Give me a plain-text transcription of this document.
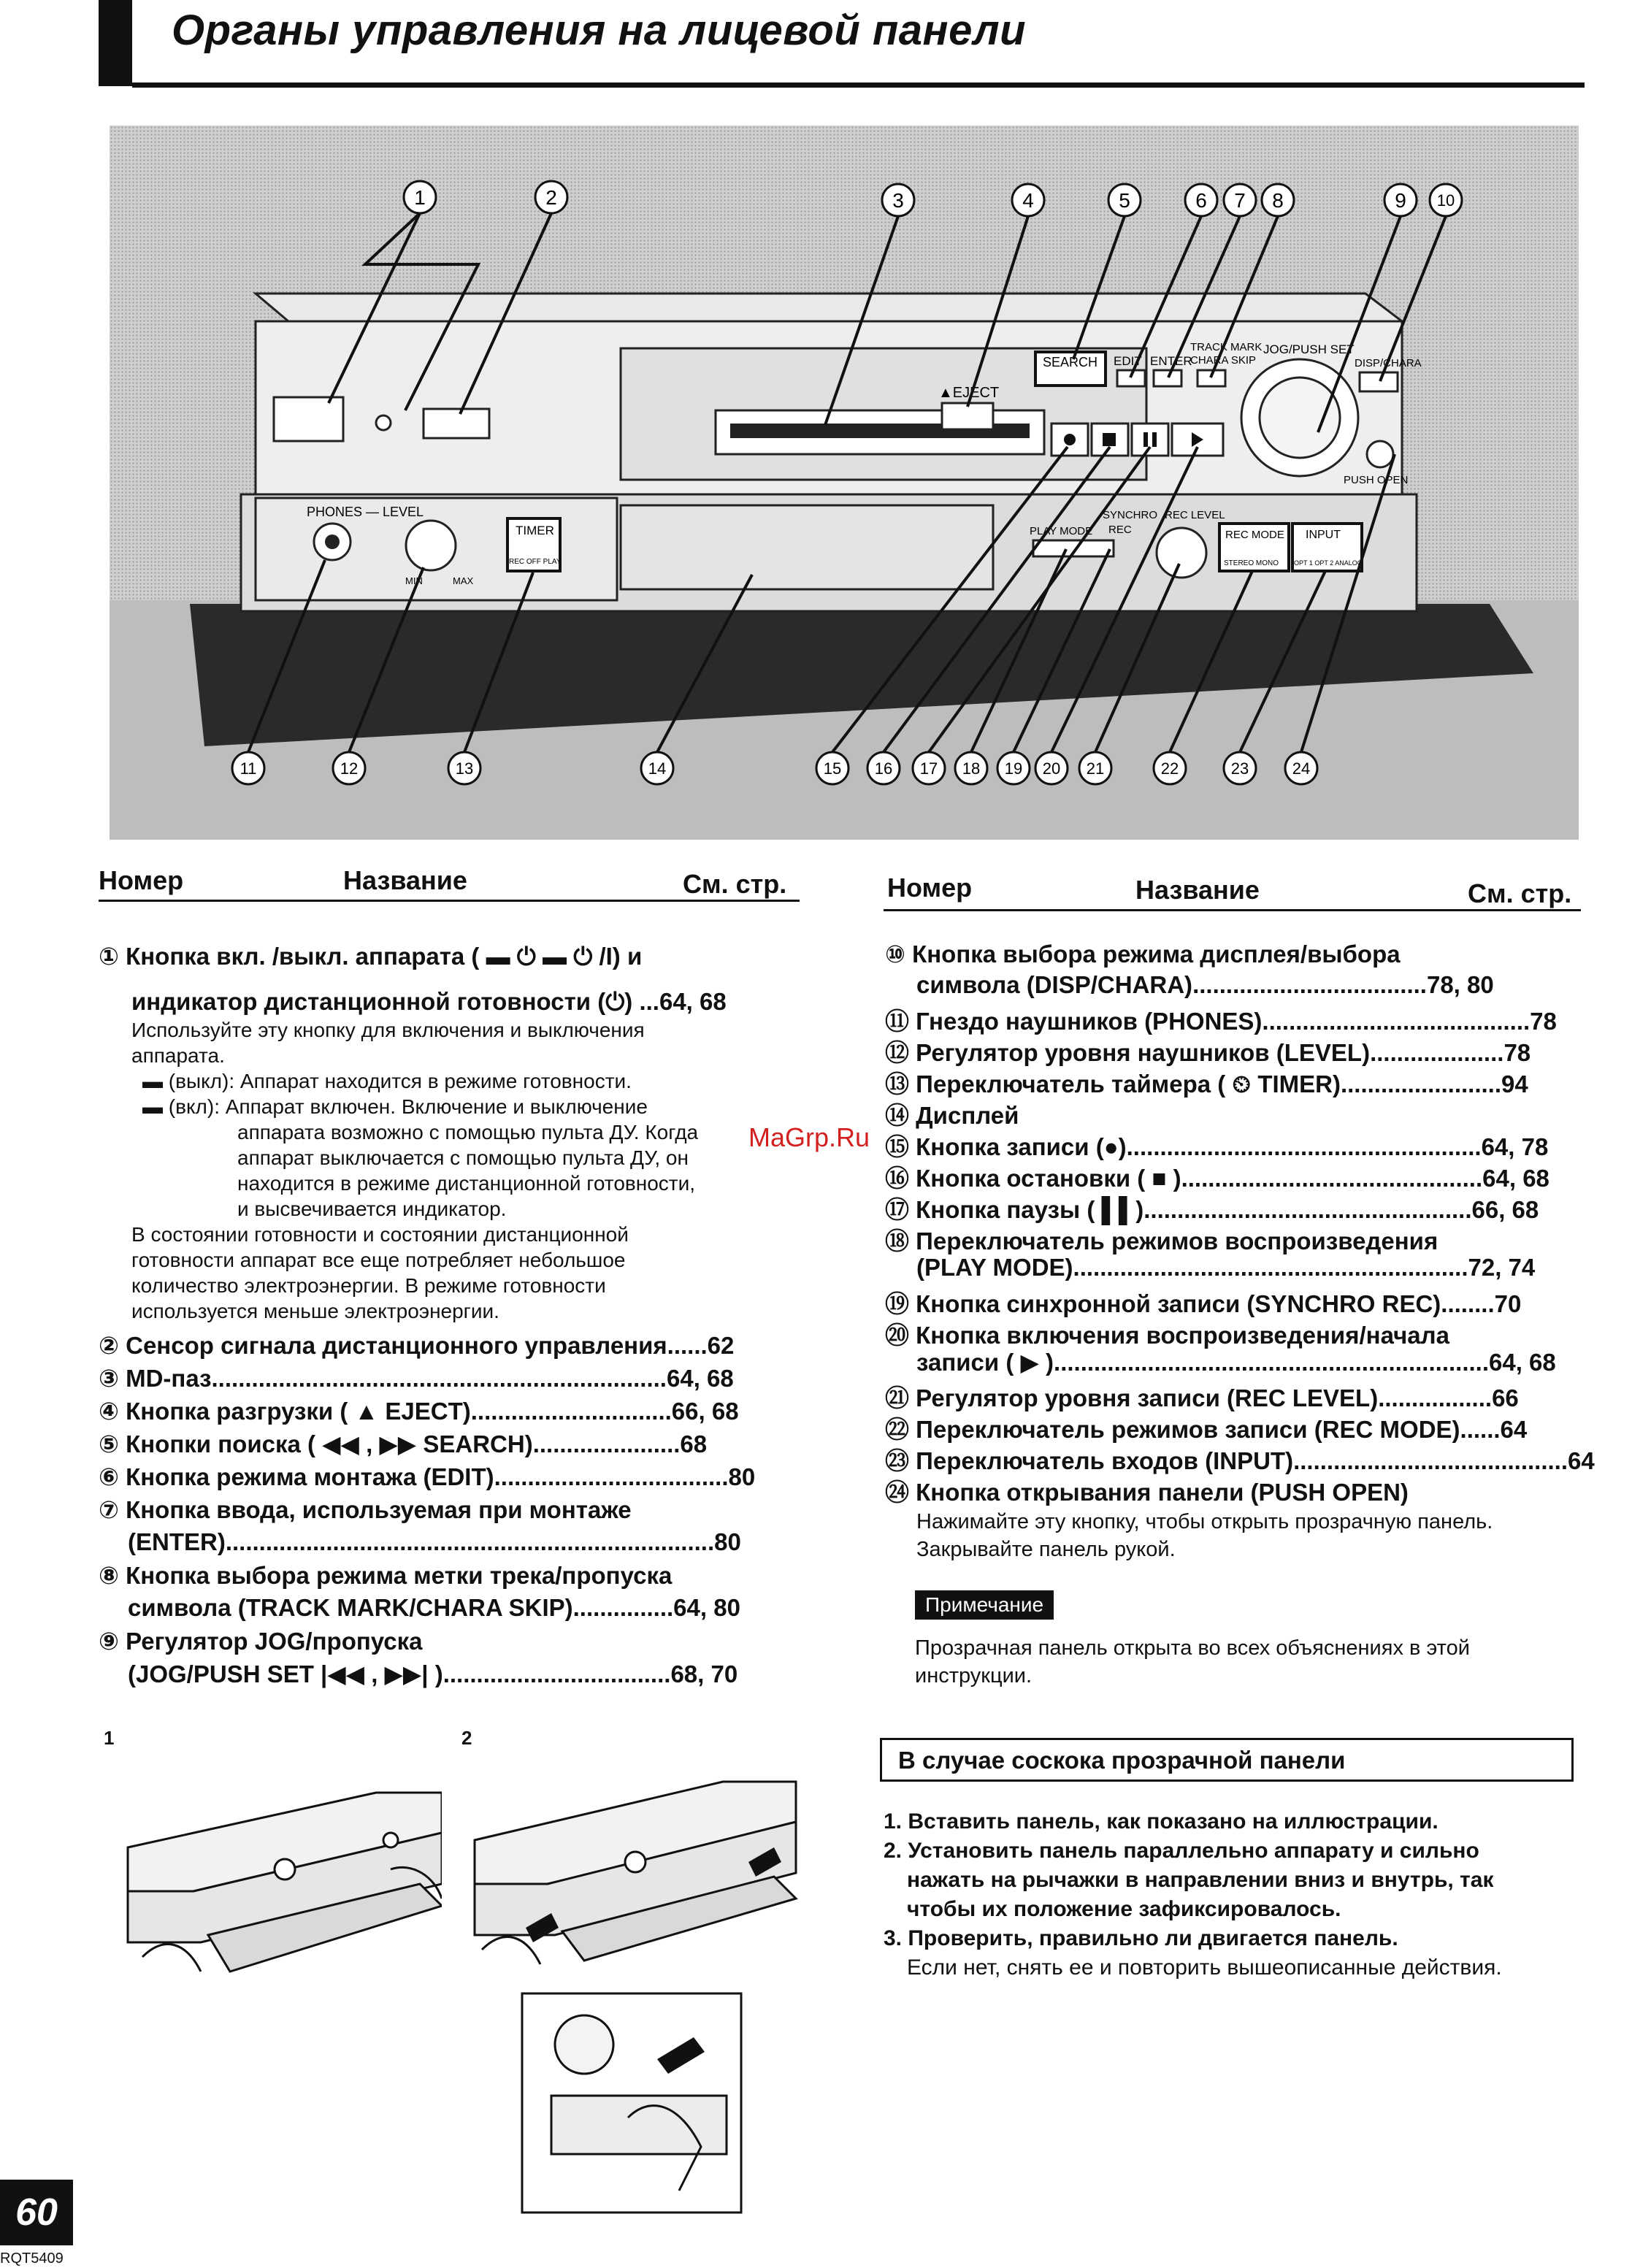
Органы управления на лицевой панели
▲EJECT
SEARCH EDIT ENTER
TRACK MARK
CHARA SKIP
JOG/PUSH SET
DISP/CHARA
PUSH OPEN
PHONES — LEVEL
MIN	MAX
TIMER
REC OFF PLAY
PLAY MODE
SYNCHRO
REC
REC LEVEL
REC MODE
STEREO MONO
INPUT
OPT 1 OPT 2 ANALOG
1	2	3	4	5	6 7 8	9 10
11	12	13	14	15 16 17 18 19 20 21	22	23	24
Номер	Название	См. стр.
① Кнопка вкл. /выкл. аппарата ( ▬ ⏻ ▬ ⏻ /I) и
индикатор дистанционной готовности (⏻) ...64, 68
Используйте эту кнопку для включения и выключения
аппарата.
▬ (выкл): Аппарат находится в режиме готовности.
▬ (вкл): Аппарат включен. Включение и выключение
аппарата возможно с помощью пульта ДУ. Когда
аппарат выключается с помощью пульта ДУ, он
находится в режиме дистанционной готовности,
и высвечивается индикатор.
В состоянии готовности и состоянии дистанционной
готовности аппарат все еще потребляет небольшое
количество электроэнергии. В режиме готовности
используется меньше электроэнергии.
② Сенсор сигнала дистанционного управления......62
③ MD-паз....................................................................64, 68
④ Кнопка разгрузки ( ▲ EJECT)..............................66, 68
⑤ Кнопки поиска ( ◀◀ , ▶▶ SEARCH)......................68
⑥ Кнопка режима монтажа (EDIT)...................................80
⑦ Кнопка ввода, используемая при монтаже
(ENTER).........................................................................80
⑧ Кнопка выбора режима метки трека/пропуска
символа (TRACK MARK/CHARA SKIP)...............64, 80
⑨ Регулятор JOG/пропуска
(JOG/PUSH SET |◀◀ , ▶▶| )..................................68, 70
Номер	Название	См. стр.
⑩ Кнопка выбора режима дисплея/выбора
символа (DISP/CHARA)...................................78, 80
⑪ Гнездо наушников (PHONES)........................................78
⑫ Регулятор уровня наушников (LEVEL)....................78
⑬ Переключатель таймера ( ⏲ TIMER)........................94
⑭ Дисплей
⑮ Кнопка записи (●).....................................................64, 78
⑯ Кнопка остановки ( ■ ).............................................64, 68
⑰ Кнопка паузы ( ▌▌).................................................66, 68
⑱ Переключатель режимов воспроизведения
(PLAY MODE)...........................................................72, 74
⑲ Кнопка синхронной записи (SYNCHRO REC)........70
⑳ Кнопка включения воспроизведения/начала
записи ( ▶ ).................................................................64, 68
㉑ Регулятор уровня записи (REC LEVEL).................66
㉒ Переключатель режимов записи (REC MODE)......64
㉓ Переключатель входов (INPUT).........................................64
㉔ Кнопка открывания панели (PUSH OPEN)
Нажимайте эту кнопку, чтобы открыть прозрачную панель.
Закрывайте панель рукой.
Примечание
Прозрачная панель открыта во всех объяснениях в этой
инструкции.
1	2
В случае соскока прозрачной панели
1. Вставить панель, как показано на иллюстрации.
2. Установить панель параллельно аппарату и сильно
нажать на рычажки в направлении вниз и внутрь, так
чтобы их положение зафиксировалось.
3. Проверить, правильно ли двигается панель.
Если нет, снять ее и повторить вышеописанные действия.
MaGrp.Ru
60
RQT5409
